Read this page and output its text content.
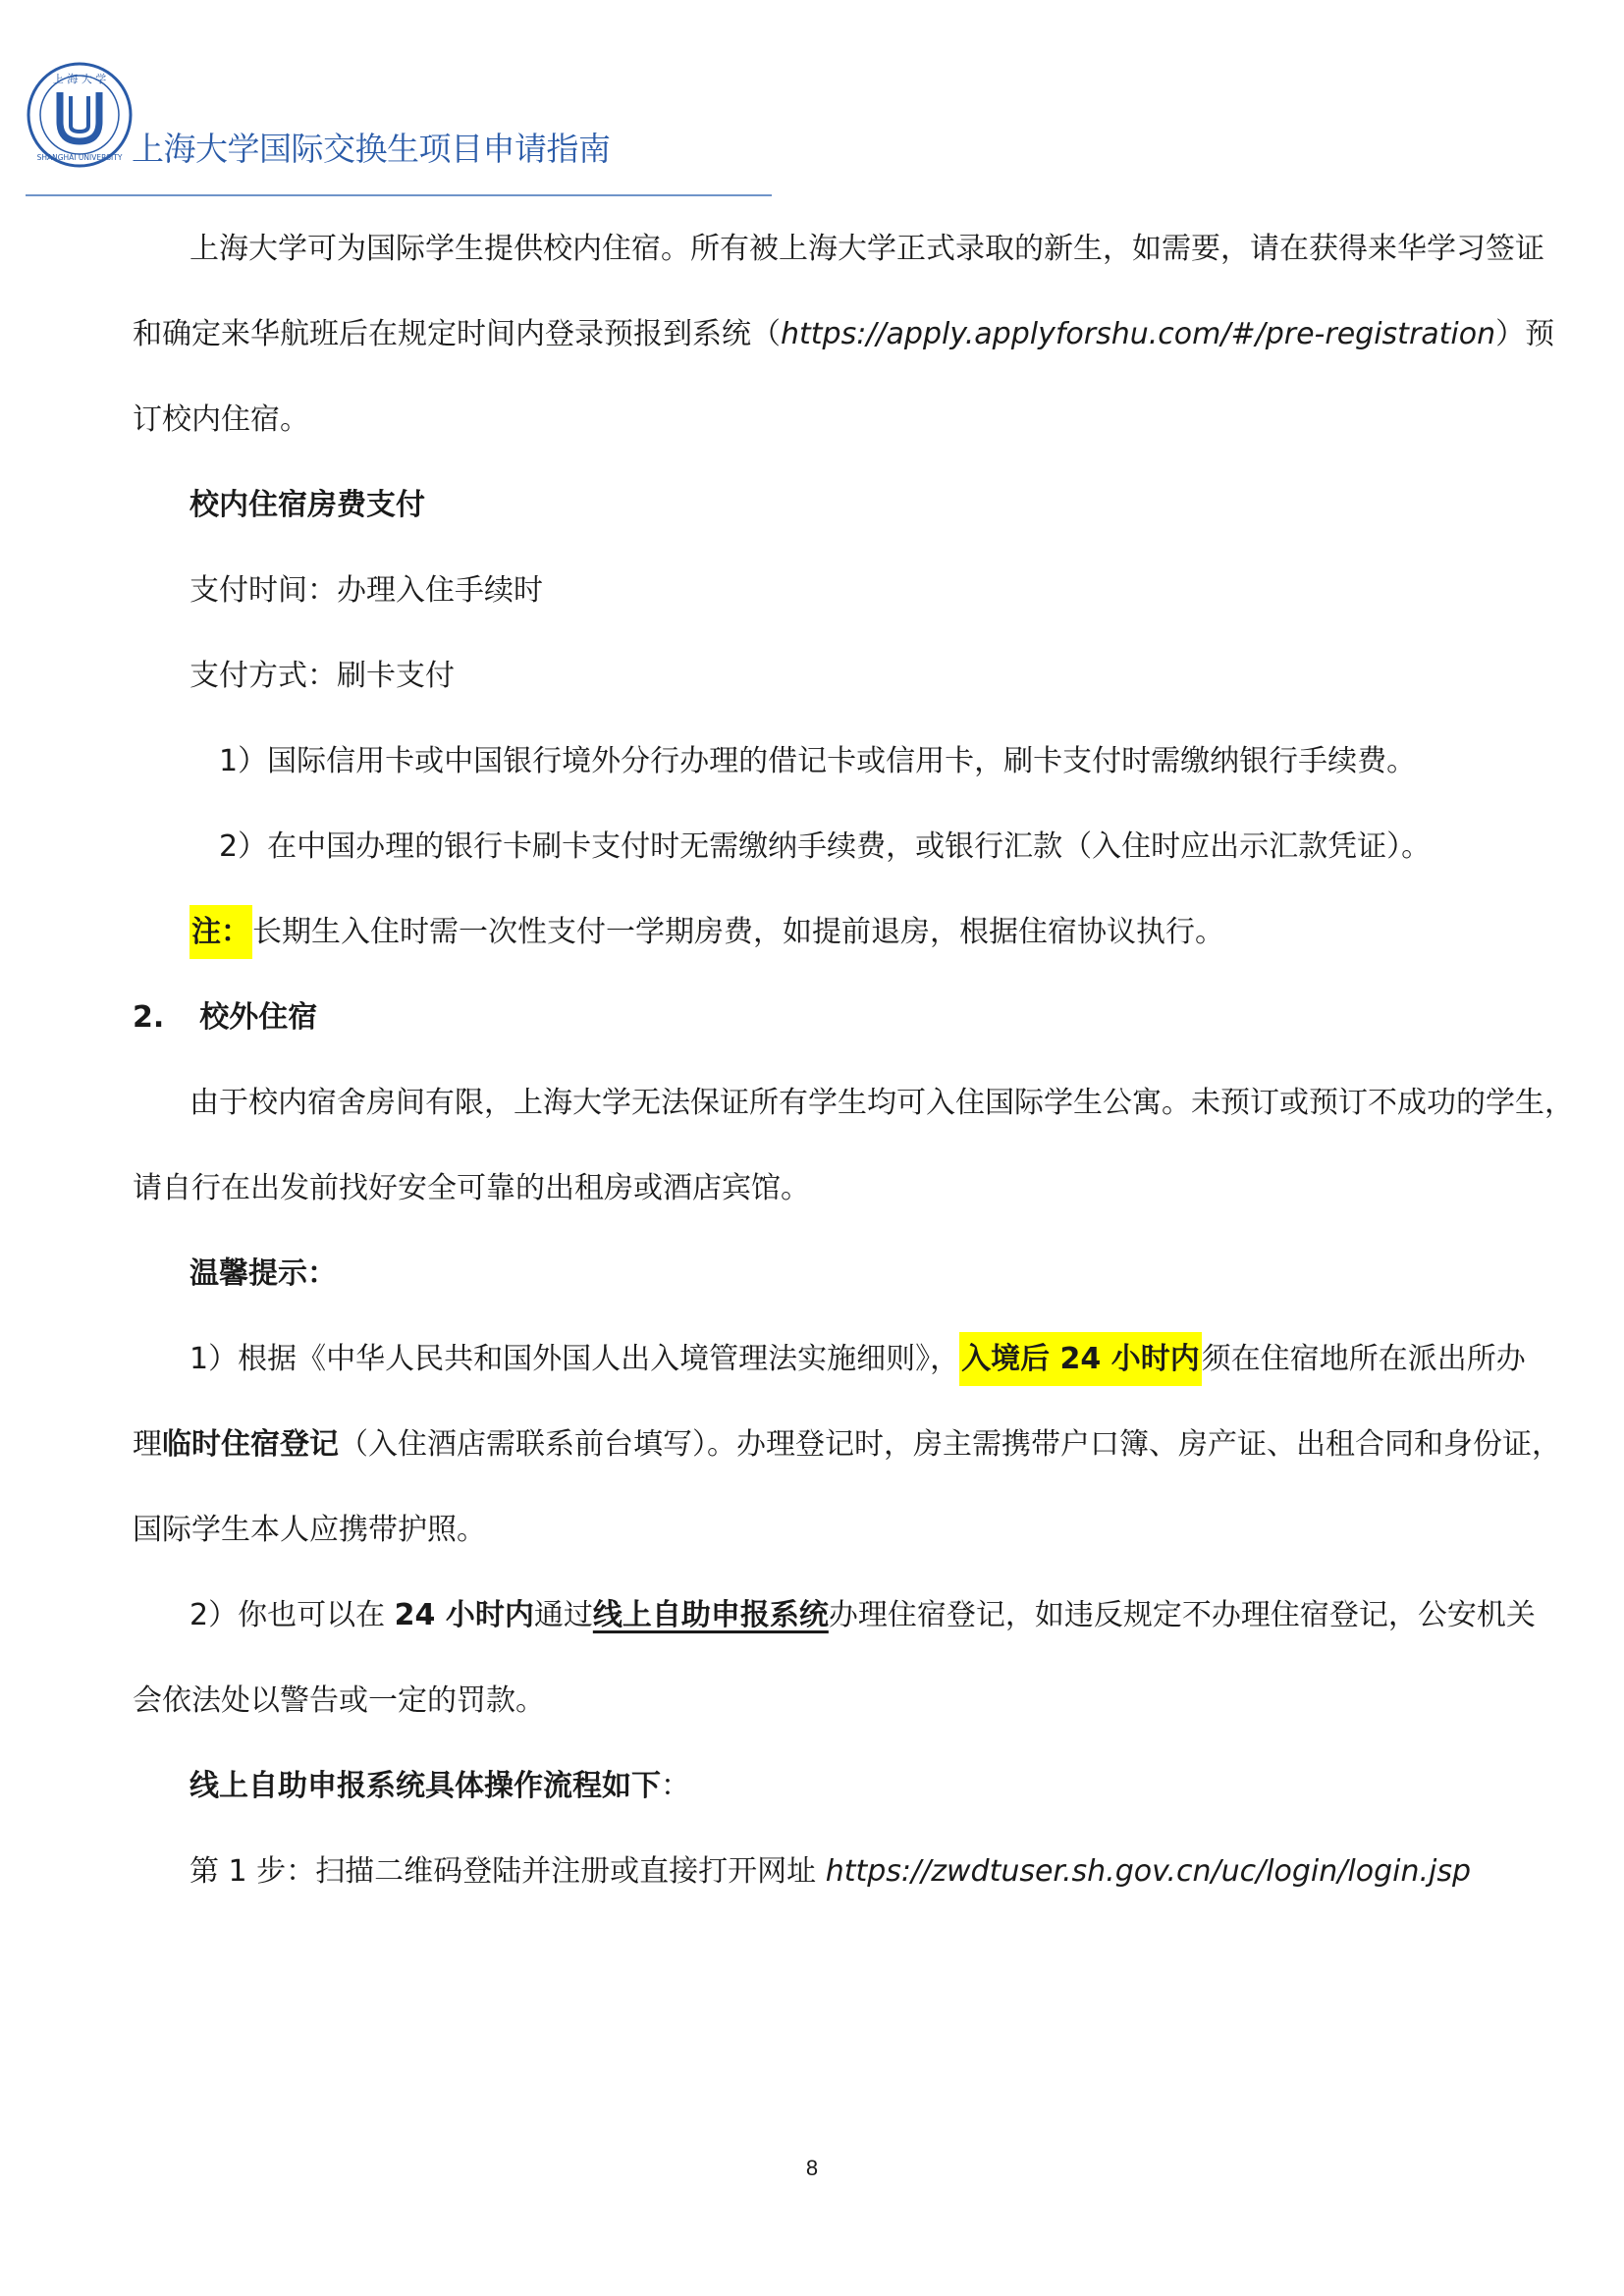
上 海 大 学
SHANGHAI UNIVERSITY 上海大学国际交换生项目申请指南
上海大学可为国际学生提供校内住宿。所有被上海大学正式录取的新生，如需要，请在获得来华学习签证
和确定来华航班后在规定时间内登录预报到系统（https://apply.applyforshu.com/#/pre-registration）预
订校内住宿。
校内住宿房费支付
支付时间：办理入住手续时
支付方式：刷卡支付
1）国际信用卡或中国银行境外分行办理的借记卡或信用卡，刷卡支付时需缴纳银行手续费。
2）在中国办理的银行卡刷卡支付时无需缴纳手续费，或银行汇款（入住时应出示汇款凭证）。
注：长期生入住时需一次性支付一学期房费，如提前退房，根据住宿协议执行。
2. 校外住宿
由于校内宿舍房间有限，上海大学无法保证所有学生均可入住国际学生公寓。未预订或预订不成功的学生，
请自行在出发前找好安全可靠的出租房或酒店宾馆。
温馨提示：
1）根据《中华人民共和国外国人出入境管理法实施细则》，入境后 24 小时内须在住宿地所在派出所办
理临时住宿登记（入住酒店需联系前台填写）。办理登记时，房主需携带户口簿、房产证、出租合同和身份证，
国际学生本人应携带护照。
2）你也可以在 24 小时内通过线上自助申报系统办理住宿登记，如违反规定不办理住宿登记，公安机关
会依法处以警告或一定的罚款。
线上自助申报系统具体操作流程如下：
第 1 步：扫描二维码登陆并注册或直接打开网址 https://zwdtuser.sh.gov.cn/uc/login/login.jsp
8
